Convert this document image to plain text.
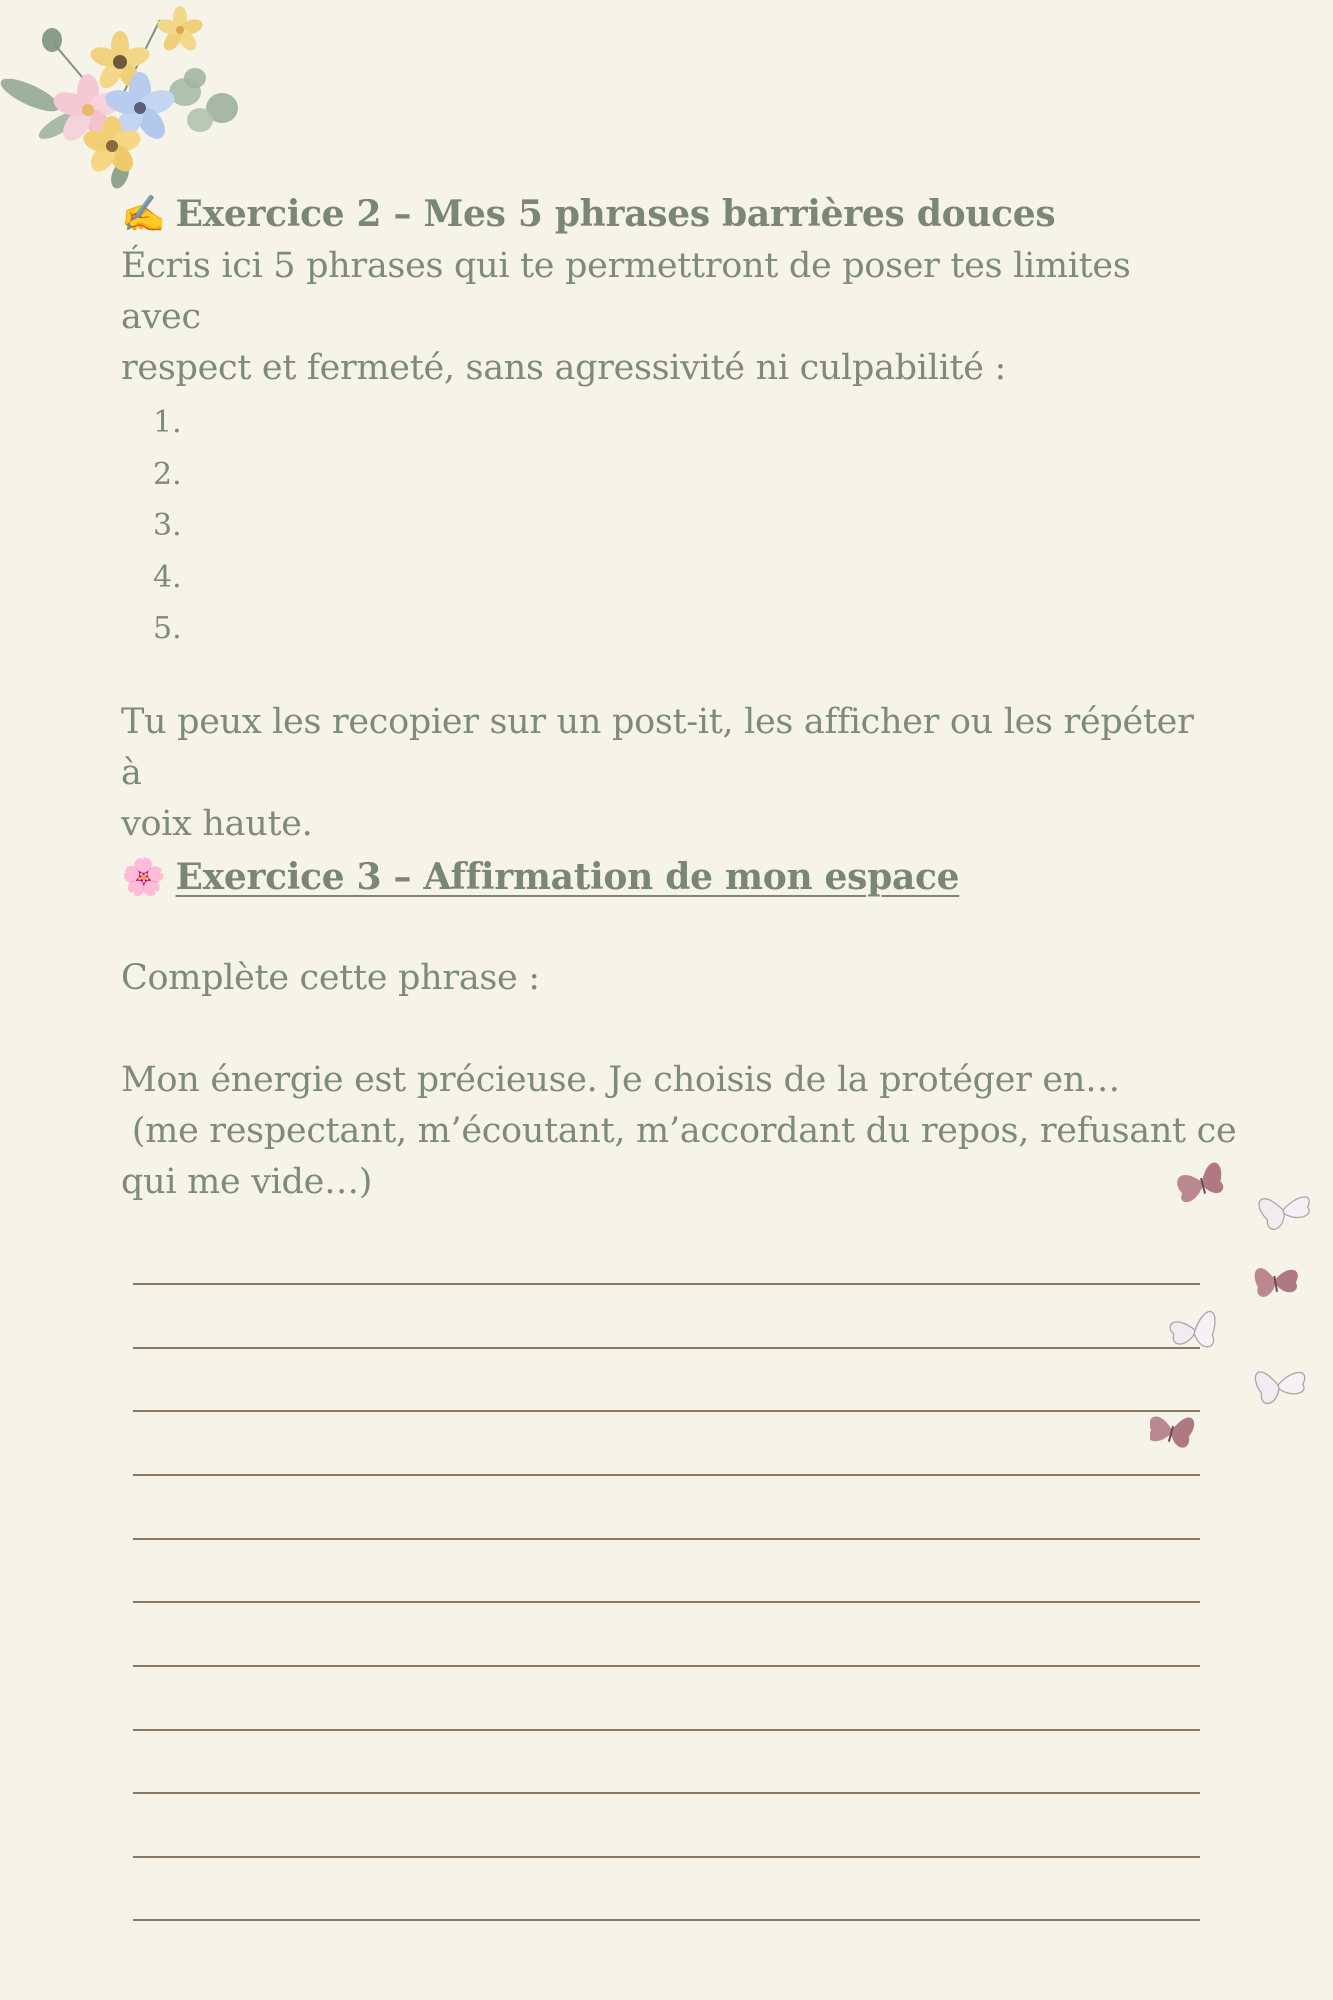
✍️ Exercice 2 – Mes 5 phrases barrières douces

Écris ici 5 phrases qui te permettront de poser tes limites avec

respect et fermeté, sans agressivité ni culpabilité :

1.
2.
3.
4.
5.

Tu peux les recopier sur un post-it, les afficher ou les répéter à

voix haute.

🌸 Exercice 3 – Affirmation de mon espace

Complète cette phrase :

Mon énergie est précieuse. Je choisis de la protéger en…

(me respectant, m’écoutant, m’accordant du repos, refusant ce

qui me vide…)
